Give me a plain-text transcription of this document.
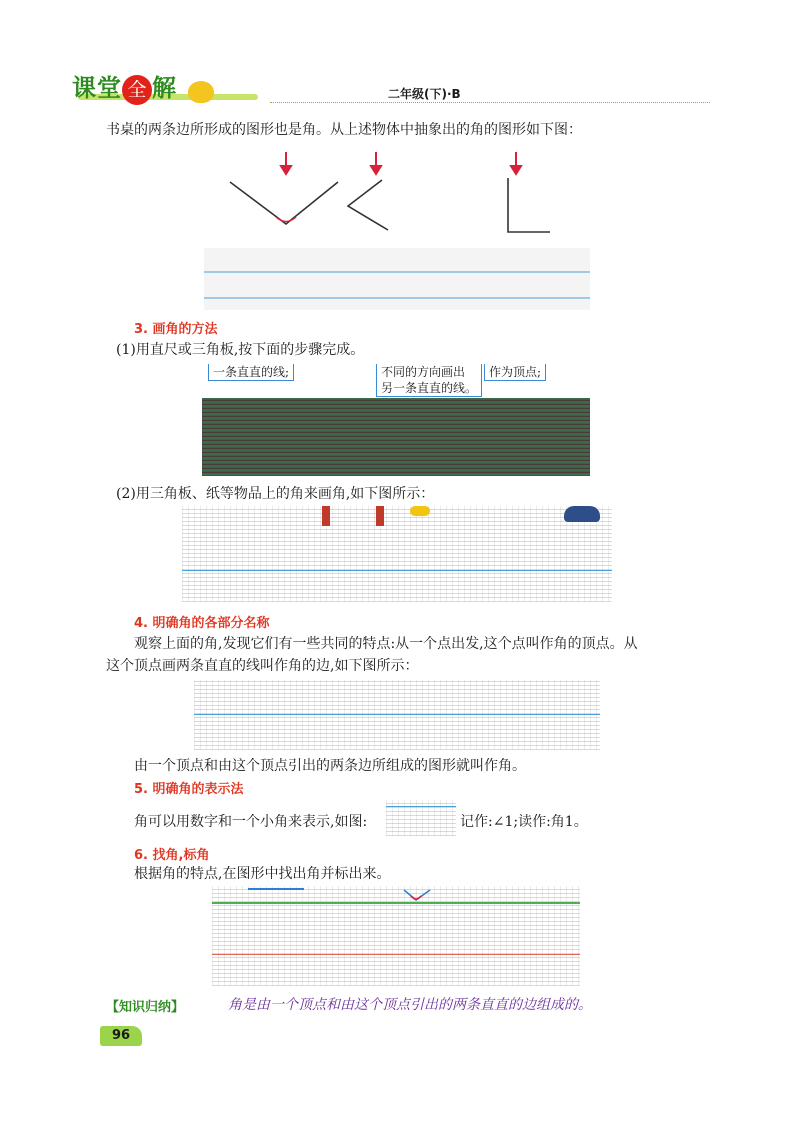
课堂 全 解	二年级(下)·B
书桌的两条边所形成的图形也是角。从上述物体中抽象出的角的图形如下图：
3. 画角的方法
(1)用直尺或三角板,按下面的步骤完成。
一条直直的线;	不同的方向画出
另一条直直的线。
作为顶点;
(2)用三角板、纸等物品上的角来画角,如下图所示：
4. 明确角的各部分名称
观察上面的角,发现它们有一些共同的特点:从一个点出发,这个点叫作角的顶点。从
这个顶点画两条直直的线叫作角的边,如下图所示：
由一个顶点和由这个顶点引出的两条边所组成的图形就叫作角。
5. 明确角的表示法
角可以用数字和一个小角来表示,如图:	记作:∠1;读作:角1。
6. 找角,标角
根据角的特点,在图形中找出角并标出来。
【知识归纳】	角是由一个顶点和由这个顶点引出的两条直直的边组成的。
96
